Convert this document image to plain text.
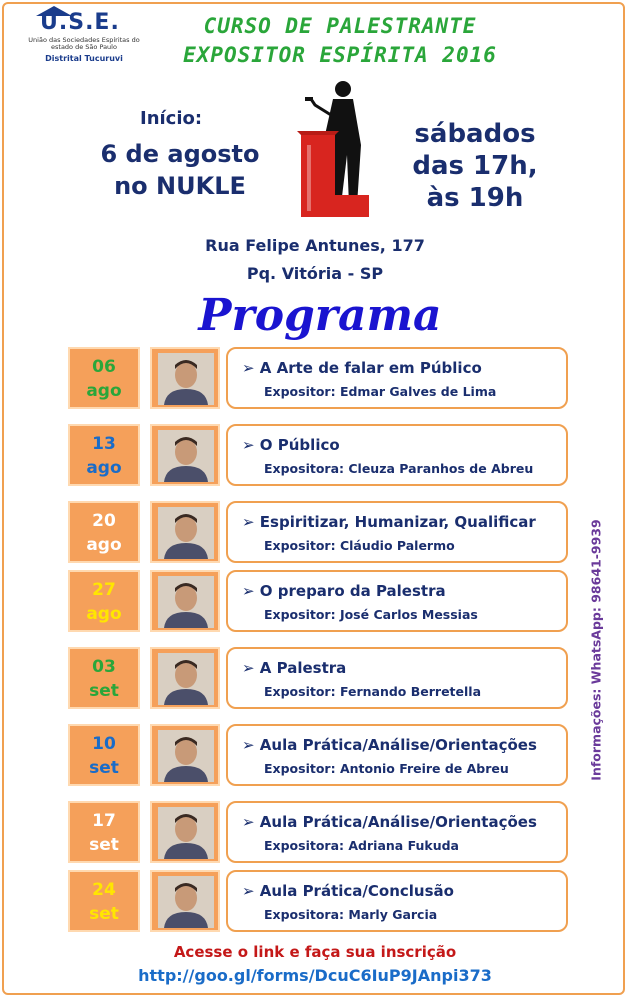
U.S.E.
União das Sociedades Espíritas do estado de São Paulo
Distrital Tucuruvi
CURSO DE PALESTRANTE
EXPOSITOR ESPÍRITA 2016
Início:
6 de agosto
no NUKLE
sábados
das 17h,
às 19h
Rua Felipe Antunes, 177
Pq. Vitória - SP
Programa
06
ago
➢ A Arte de falar em Público
Expositor: Edmar Galves de Lima
13
ago
➢ O Público
Expositora: Cleuza Paranhos de Abreu
20
ago
➢ Espiritizar, Humanizar, Qualificar
Expositor: Cláudio Palermo
27
ago
➢ O preparo da Palestra
Expositor: José Carlos Messias
03
set
➢ A Palestra
Expositor: Fernando Berretella
10
set
➢ Aula Prática/Análise/Orientações
Expositor: Antonio Freire de Abreu
17
set
➢ Aula Prática/Análise/Orientações
Expositora: Adriana Fukuda
24
set
➢ Aula Prática/Conclusão
Expositora: Marly Garcia
Informações: WhatsApp: 98641-9939
Acesse o link e faça sua inscrição
http://goo.gl/forms/DcuC6IuP9JAnpi373
